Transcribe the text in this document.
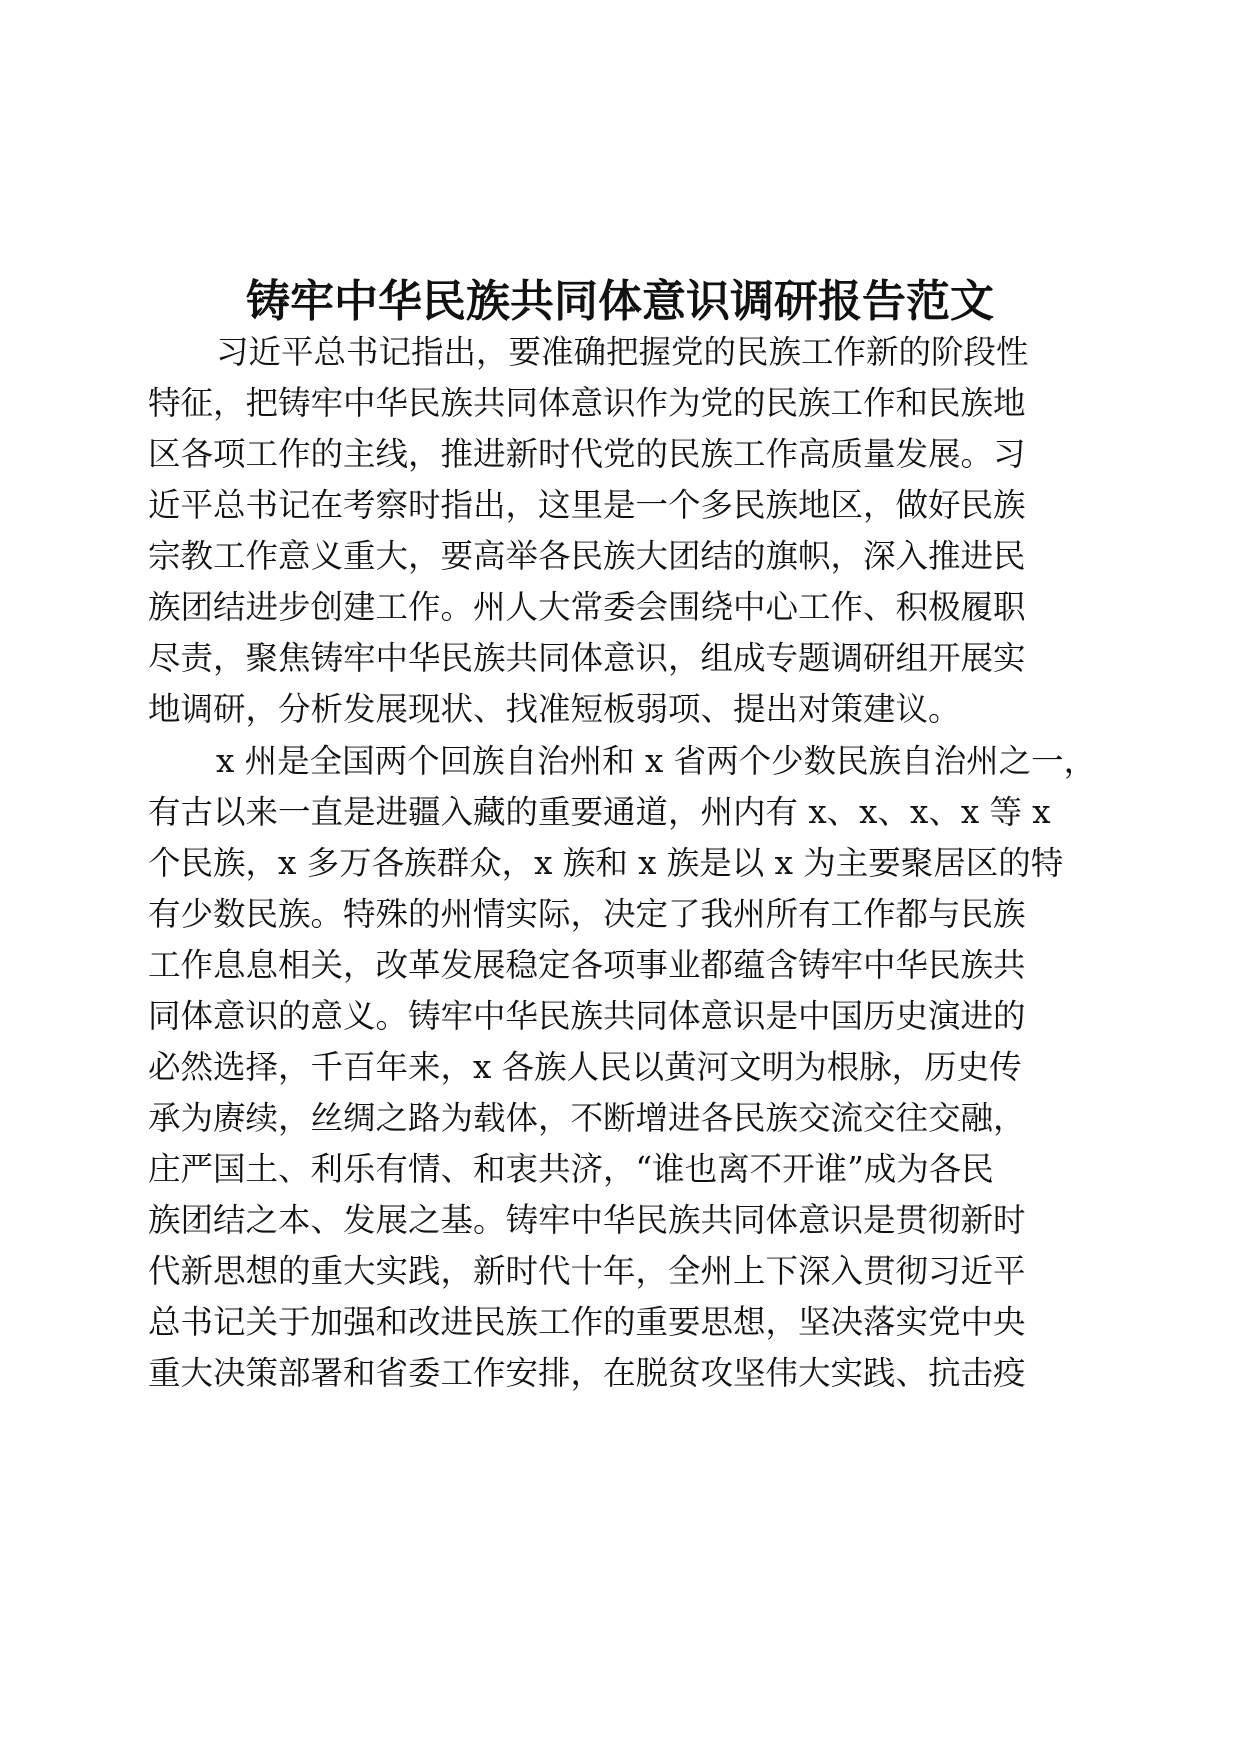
铸牢中华民族共同体意识调研报告范文

习近平总书记指出，要准确把握党的民族工作新的阶段性

特征，把铸牢中华民族共同体意识作为党的民族工作和民族地

区各项工作的主线，推进新时代党的民族工作高质量发展。习

近平总书记在考察时指出，这里是一个多民族地区，做好民族

宗教工作意义重大，要高举各民族大团结的旗帜，深入推进民

族团结进步创建工作。州人大常委会围绕中心工作、积极履职

尽责，聚焦铸牢中华民族共同体意识，组成专题调研组开展实

地调研，分析发展现状、找准短板弱项、提出对策建议。

x 州是全国两个回族自治州和 x 省两个少数民族自治州之一，

有古以来一直是进疆入藏的重要通道，州内有 x、x、x、x 等 x

个民族，x 多万各族群众，x 族和 x 族是以 x 为主要聚居区的特

有少数民族。特殊的州情实际，决定了我州所有工作都与民族

工作息息相关，改革发展稳定各项事业都蕴含铸牢中华民族共

同体意识的意义。铸牢中华民族共同体意识是中国历史演进的

必然选择，千百年来，x 各族人民以黄河文明为根脉，历史传

承为赓续，丝绸之路为载体，不断增进各民族交流交往交融，

庄严国土、利乐有情、和衷共济，“谁也离不开谁”成为各民

族团结之本、发展之基。铸牢中华民族共同体意识是贯彻新时

代新思想的重大实践，新时代十年，全州上下深入贯彻习近平

总书记关于加强和改进民族工作的重要思想，坚决落实党中央

重大决策部署和省委工作安排，在脱贫攻坚伟大实践、抗击疫
